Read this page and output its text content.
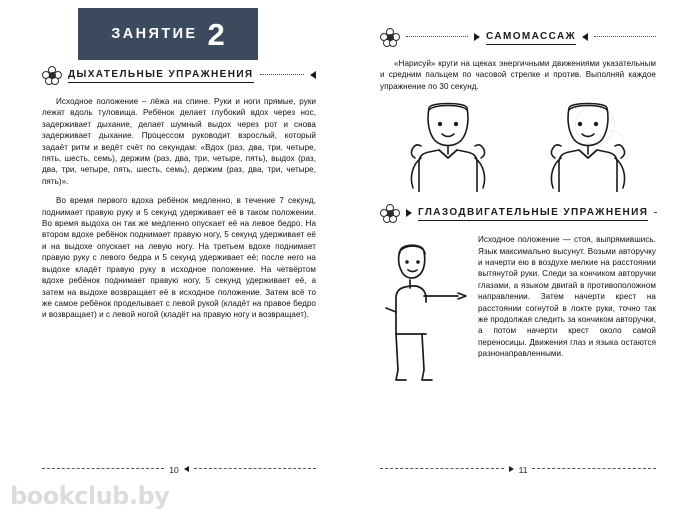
ЗАНЯТИЕ 2
ДЫХАТЕЛЬНЫЕ УПРАЖНЕНИЯ

Исходное положение – лёжа на спине. Руки и ноги прямые, руки лежат вдоль туловища. Ребёнок делает глубокий вдох через нос, задерживает дыхание, делает шумный выдох через рот и снова задерживает дыхание. Процессом руководит взрослый, который задаёт ритм и ведёт счёт по секундам: «Вдох (раз, два, три, четыре, пять, шесть, семь), держим (раз, два, три, четыре, пять), выдох (раз, два, три, четыре, пять, шесть, семь), держим (раз, два, три, четыре, пять)».

Во время первого вдоха ребёнок медленно, в течение 7 секунд, поднимает правую руку и 5 секунд удерживает её в таком положении. Во время выдоха он так же медленно опускает её на левое бедро. На втором вдохе ребёнок поднимает правую ногу, 5 секунд удерживает её и на выдохе опускает на левую ногу. На третьем вдохе поднимает правую руку с левого бедра и 5 секунд удерживает её; после него на выдохе кладёт правую руку в исходное положение. На четвёртом вдохе ребёнок поднимает правую ногу, 5 секунд удерживает её, а затем на выдохе возвращает её в исходное положение. Затем всё то же самое ребёнок проделывает с левой рукой (кладёт на правое бедро и возвращает) и с левой ногой (кладёт на правую ногу и возвращает).

10
САМОМАССАЖ

«Нарисуй» круги на щеках энергичными движениями указательным и средним пальцем по часовой стрелке и против. Выполняй каждое упражнение по 30 секунд.

ГЛАЗОДВИГАТЕЛЬНЫЕ УПРАЖНЕНИЯ

Исходное положение — стоя, выпрямившись. Язык максимально высунут. Возьми авторучку и начерти ею в воздухе мелкие на расстоянии вытянутой руки. Следи за кончиком авторучки глазами, а языком двигай в противоположном направлении. Затем начерти крест на расстоянии согнутой в локте руки, точно так же продолжая следить за кончиком авторучки, а потом начерти крест около самой переносицы. Движения глаз и языка остаются разнонаправленными.

11
bookclub.by
